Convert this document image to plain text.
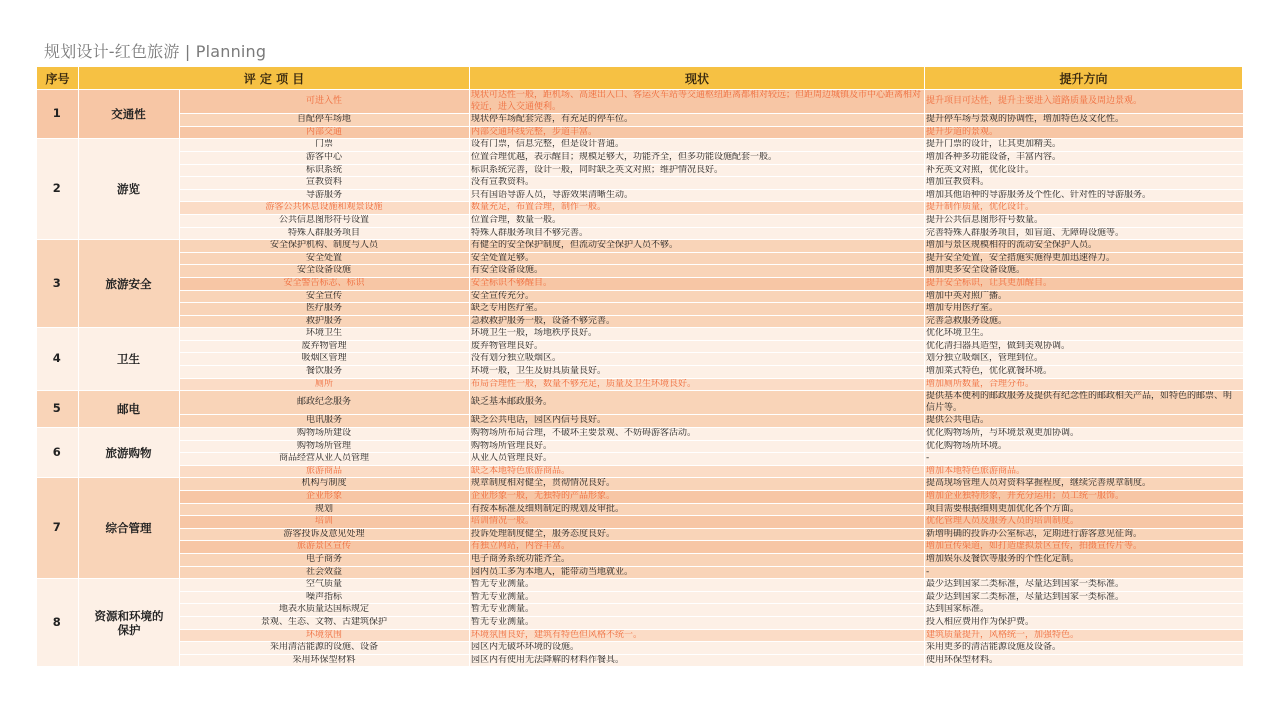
规划设计-红色旅游 | Planning
序号	评 定 项 目		现状	提升方向
1	交通性	可进入性	现状可达性一般，距机场、高速出入口、客运火车站等交通枢纽距离都相对较远；但距周边城镇及市中心距离相对较近，进入交通便利。	提升项目可达性，提升主要进入道路质量及周边景观。
		自配停车场地	现状停车场配套完善，有充足的停车位。	提升停车场与景观的协调性，增加特色及文化性。
		内部交通	内部交通环线完整，步道丰富。	提升步道的景观。
2	游览	门票	设有门票，信息完整，但是设计普通。	提升门票的设计，让其更加精美。
		游客中心	位置合理优越，表示醒目；规模足够大，功能齐全，但多功能设施配套一般。	增加各种多功能设备，丰富内容。
		标识系统	标识系统完善，设计一般，同时缺乏英文对照；维护情况良好。	补充英文对照，优化设计。
		宣教资料	没有宣教资料。	增加宣教资料。
		导游服务	只有国语导游人员，导游效果清晰生动。	增加其他语种的导游服务及个性化、针对性的导游服务。
		游客公共休息设施和观景设施	数量充足，布置合理，制作一般。	提升制作质量，优化设计。
		公共信息图形符号设置	位置合理，数量一般。	提升公共信息图形符号数量。
		特殊人群服务项目	特殊人群服务项目不够完善。	完善特殊人群服务项目，如盲道、无障碍设施等。
3	旅游安全	安全保护机构、制度与人员	有健全的安全保护制度，但流动安全保护人员不够。	增加与景区规模相符的流动安全保护人员。
		安全处置	安全处置足够。	提升安全处置，安全措施实施得更加迅速得力。
		安全设备设施	有安全设备设施。	增加更多安全设备设施。
		安全警告标志、标识	安全标识不够醒目。	提升安全标识，让其更加醒目。
		安全宣传	安全宣传充分。	增加中英对照广播。
		医疗服务	缺乏专用医疗室。	增加专用医疗室。
		救护服务	急救救护服务一般，设备不够完善。	完善急救服务设施。
4	卫生	环境卫生	环境卫生一般，场地秩序良好。	优化环境卫生。
		废弃物管理	废弃物管理良好。	优化清扫器具造型，做到美观协调。
		吸烟区管理	没有划分独立吸烟区。	划分独立吸烟区，管理到位。
		餐饮服务	环境一般，卫生及厨具质量良好。	增加菜式特色，优化就餐环境。
		厕所	布局合理性一般，数量不够充足，质量及卫生环境良好。	增加厕所数量，合理分布。
5	邮电	邮政纪念服务	缺乏基本邮政服务。	提供基本便利的邮政服务及提供有纪念性的邮政相关产品，如特色的邮票、明信片等。
		电讯服务	缺乏公共电话，园区内信号良好。	提供公共电话。
6	旅游购物	购物场所建设	购物场所布局合理，不破坏主要景观、不妨碍游客活动。	优化购物场所，与环境景观更加协调。
		购物场所管理	购物场所管理良好。	优化购物场所环境。
		商品经营从业人员管理	从业人员管理良好。	-
		旅游商品	缺乏本地特色旅游商品。	增加本地特色旅游商品。
7	综合管理	机构与制度	规章制度相对健全，贯彻情况良好。	提高现场管理人员对资料掌握程度，继续完善规章制度。
		企业形象	企业形象一般，无独特的产品形象。	增加企业独特形象，并充分运用；员工统一服饰。
		规划	有按本标准及细则制定的规划及审批。	项目需要根据细则更加优化各个方面。
		培训	培训情况一般。	优化管理人员及服务人员的培训制度。
		游客投诉及意见处理	投诉处理制度健全，服务态度良好。	新增明确的投诉办公室标志，定期进行游客意见征询。
		旅游景区宣传	有独立网站，内容丰富。	增加宣传渠道，如打造虚拟景区宣传，拍摄宣传片等。
		电子商务	电子商务系统功能齐全。	增加娱乐及餐饮等服务的个性化定制。
		社会效益	园内员工多为本地人，能带动当地就业。	-
8	资源和环境的保护	空气质量	暂无专业测量。	最少达到国家二类标准，尽量达到国家一类标准。
		噪声指标	暂无专业测量。	最少达到国家二类标准，尽量达到国家一类标准。
		地表水质量达国标规定	暂无专业测量。	达到国家标准。
		景观、生态、文物、古建筑保护	暂无专业测量。	投入相应费用作为保护费。
		环境氛围	环境氛围良好，建筑有特色但风格不统一。	建筑质量提升，风格统一，加强特色。
		采用清洁能源的设施、设备	园区内无破坏环境的设施。	采用更多的清洁能源设施及设备。
		采用环保型材料	园区内有使用无法降解的材料作餐具。	使用环保型材料。
